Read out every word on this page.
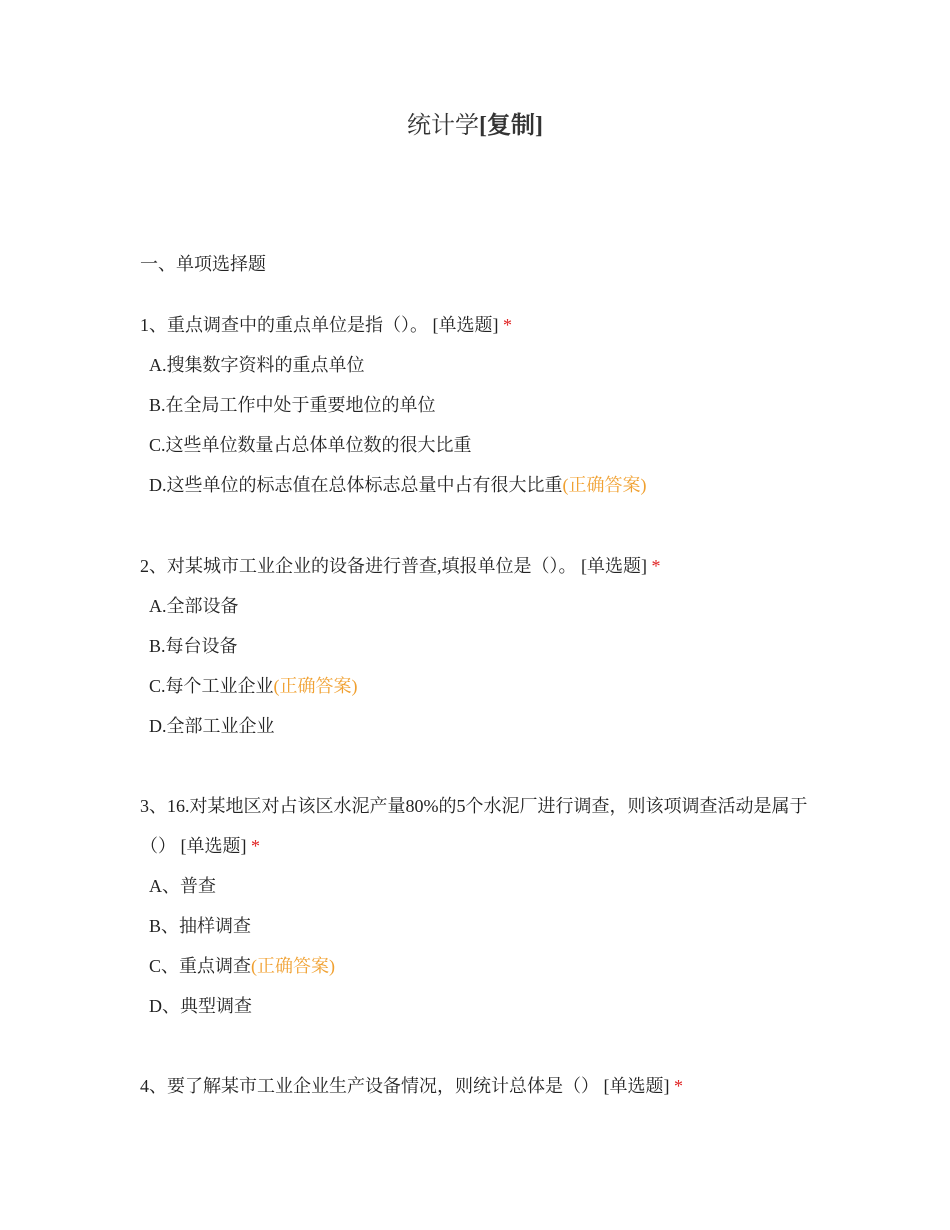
统计学[复制]
一、单项选择题

1、重点调查中的重点单位是指（）。 [单选题] *

A.搜集数字资料的重点单位
B.在全局工作中处于重要地位的单位
C.这些单位数量占总体单位数的很大比重
D.这些单位的标志值在总体标志总量中占有很大比重(正确答案)

2、对某城市工业企业的设备进行普查,填报单位是（）。 [单选题] *

A.全部设备
B.每台设备
C.每个工业企业(正确答案)
D.全部工业企业

3、16.对某地区对占该区水泥产量80%的5个水泥厂进行调查，则该项调查活动是属于（） [单选题] *

A、普查
B、抽样调查
C、重点调查(正确答案)
D、典型调查

4、要了解某市工业企业生产设备情况，则统计总体是（） [单选题] *
